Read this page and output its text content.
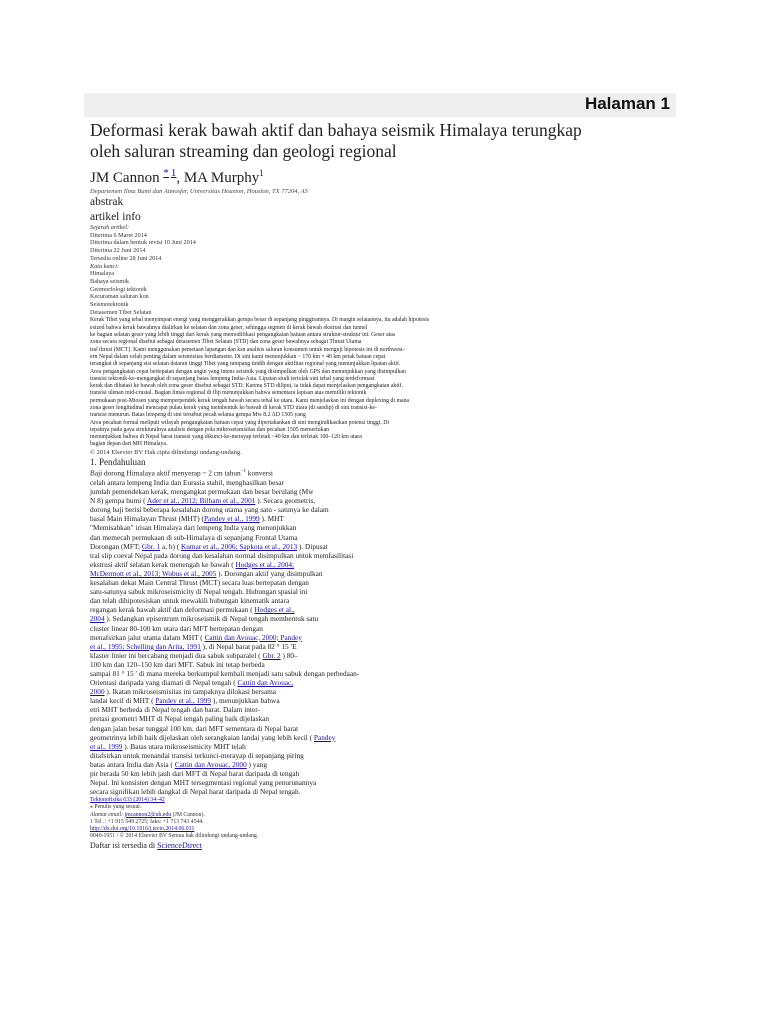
Halaman 1
Deformasi kerak bawah aktif dan bahaya seismik Himalaya terungkap
oleh saluran streaming dan geologi regional
JM Cannon * $^1$, MA Murphy$^1$
Departemen Ilmu Bumi dan Atmosfer, Universitas Houston, Houston, TX 77204, AS
abstrak
artikel info
Sejarah artikel:
Diterima 6 Maret 2014
Diterima dalam bentuk revisi 10 Juni 2014
Diterima 22 Juni 2014
Tersedia online 28 Juni 2014
Kata kunci:
Himalaya
Bahaya seismik
Geomorfologi tektonik
Kecuraman saluran kon
Seismotektonik
Detasemen Tibet Selatan

Kerak Tibet yang tebal menyimpan energi yang menggerakkan gempa besar di sepanjang pinggirannya. Di margin selatannya, itu adalah hipotesis

esized bahwa kerak bawahnya dialirkan ke selatan dan zona geser, sehingga segmen di kerak bawah ekstrusi dan tunnel

ke bagian selatan geser yang lebih tinggi dari kerak yang memodifikasi pengangkatan batuan antara struktur-struktur ini. Geser atas

zona secara regional disebut sebagai detasemen Tibet Selatan (STD) dan zona geser bawahnya sebagai Thrust Utama

tral thrust (MCT). Kami menggunakan pemetaan lapangan dan ksn analisis saluran konsumen untuk menguji hipotesis ini di northwest-

ern Nepal dalam celah penting dalam seismisitas berdiameter. Di sini kami menunjukkan ~ 170 km × 40 km petak batuan cepat

terangkat di sepanjang sisi selatan dataran tinggi Tibet yang tumpang tindih dengan aktifitas regional yang menunjukkan lipatan aktif.

Area pengangkatan cepat bertepatan dengan angin yang intens seismik yang disimpulkan oleh GPS dan menunjukkan yang disimpulkan

transisi tektonik-ke-mengangkat di sepanjang batas lempeng India-Asia. Lipatan studi tertolak sini tebal yang terdeformasi

kerak dan dibatasi ke bawah oleh zona geser disebut sebagai STD. Karena STD diliput, ia tidak dapat menjelaskan pengangkatan aktif.

transisi ulenan mid-crustal. Bagian lintas regional di flip menunjukkan bahwa sementara lapisan atas memiliki tektonik

permukaan post-Miosen yang memperpendek kerak tengah bawah secara tebal ke utara. Kami menjelaskan ini dengan duplexing di mana

zona geser longitudinal mencapai pulau kerak yang membentuk ke bawah di kerak STD utara (di sandip) di sini transisi-ke-

transisi menurun. Batas lempeng di sini tersebut pecah selama gempa Mw 8.2 AD 1505 yang

Area pecahan formal meliputi wilayah pengangkatan batuan cepat yang dipertahankan di sini mengindikasikan potensi tinggi. Di

tepatnya pada gaya strukturalnya analisis dengan pola mikroseismisitas dan pecahan 1505 memerlukan

menunjukkan bahwa di Nepal barat transisi yang dikunci-ke-merayap terletak ~40 km dan terletak 100–120 km utara

bagian depan dari MH Himalaya.

© 2014 Elsevier BV Hak cipta dilindungi undang-undang.
1. Pendahuluan

Baji dorong Himalaya aktif menyerap ~ 2 cm tahun$^{-1}$ konversi

celah antara lempeng India dan Eurasia stabil, menghasilkan besar

jumlah pemendekan kerak, mengangkat permukaan dan besar berulang (Mw

N 8) gempa bumi ( Ader et al., 2012; Bilham et al., 2001 ). Secara geometris,

dorong baji berisi beberapa kesalahan dorong utama yang satu - satunya ke dalam

basal Main Himalayan Thrust (MHT) (Pandey et al., 1999 ). MHT

"Memisahkan" irisan Himalaya dari lempeng India yang menunjukkan

dan memecah permukaan di sub-Himalaya di sepanjang Frontal Utama

Dorongan (MFT; Gbr. 1 a, b) ( Kumar et al., 2006; Sapkota et al., 2013 ). Dipusat

tral slip coeval Nepal pada dorong dan kesalahan normal disimpulkan untuk memfasilitasi

ekstrusi aktif selatan kerak menengah ke bawah ( Hodges et al., 2004;

McDermott et al., 2013; Wobus et al., 2005 ). Dorongan aktif yang disimpulkan

kesalahan dekat Main Central Thrust (MCT) secara luas bertepatan dengan

satu-satunya sabuk mikroseismicity di Nepal tengah. Hubungan spasial ini

dan telah dihipotesiskan untuk mewakili hubungan kinematik antara

regangan kerak bawah aktif dan deformasi permukaan ( Hodges et al.,

2004 ). Sedangkan episentrum mikroseismik di Nepal tengah membentuk satu

cluster linear 80-100 km utara dari MFT bertepatan dengan

menafsirkan jalur utama dalam MHT ( Cattin dan Avouac, 2000; Pandey

et al., 1995; Schelling dan Arita, 1991 ), di Nepal barat pada 82 ° 15 ′E

klaster linier ini bercabang menjadi dua sabuk subparalel ( Gbr. 2 ) 80–

100 km dan 120–150 km dari MFT. Sabuk ini tetap berbeda

sampai 81 ° 15 ′ di mana mereka berkumpul kembali menjadi satu sabuk dengan perbedaan-

Orientasi daripada yang diamati di Nepal tengah ( Cattin dan Avouac,

2000 ). Ikatan mikroseismisitas ini tampaknya dilokasi bersama

landai kecil di MHT ( Pandey et al., 1999 ), menunjukkan bahwa

etri MHT berbeda di Nepal tengah dan barat. Dalam inter-

pretasi geometri MHT di Nepal tengah paling baik dijelaskan

dengan jalan besar tunggal 100 km. dari MFT sementara di Nepal barat

geometrinya lebih baik dijelaskan oleh serangkaian landai yang lebih kecil ( Pandey

et al., 1999 ). Batas utara mikroseismicity MHT telah

ditafsirkan untuk menandai transisi terkunci-merayap di sepanjang piring

batas antara India dan Asia ( Cattin dan Avouac, 2000 ) yang

pir berada 50 km lebih jauh dari MFT di Nepal barat daripada di tengah

Nepal. Ini konsisten dengan MHT tersegmentasi regional yang penurunannya

secara signifikan lebih dangkal di Nepal barat daripada di Nepal tengah.

Tektonofisika 633 (2014) 34–42
⁎ Penulis yang sesuai.
Alamat email: jmcannon2@uh.edu (JM Cannon).
1 Tel .: +1 915 549 2725; faks: +1 713 743 4544.
http://dx.doi.org/10.1016/j.tecto.2014.06.031
0040-1951 / © 2014 Elsevier BV Semua hak dilindungi undang-undang.
Daftar isi tersedia di ScienceDirect
